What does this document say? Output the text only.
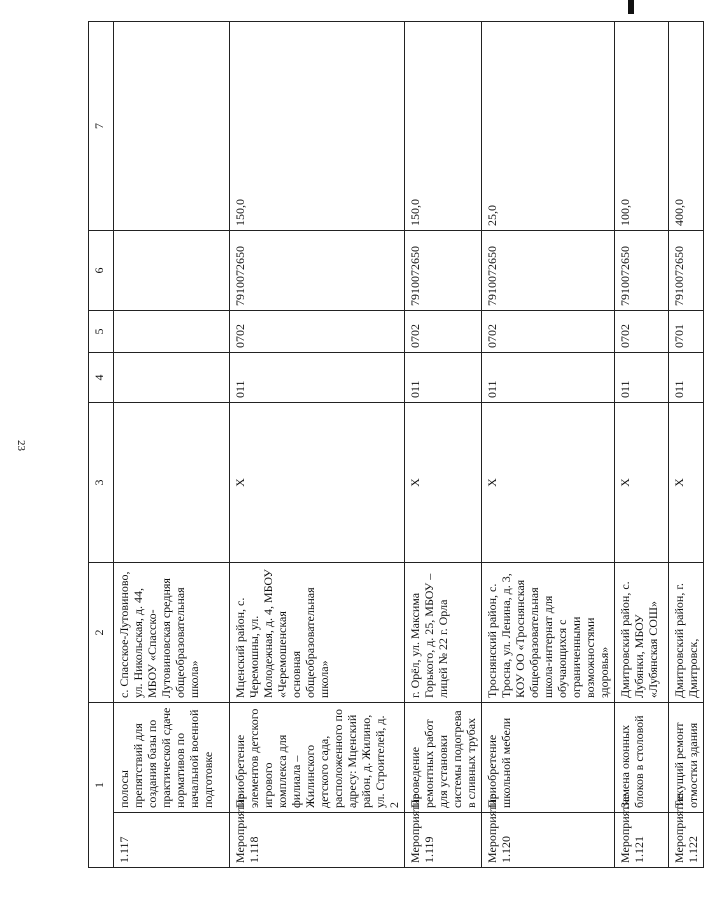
23
1		2	3	4	5	6	7
1.117	полосы препятствий для создания базы по практической сдаче нормативов по начальной военной подготовке	с. Спасское-Лутовиново, ул. Никольская, д. 44, МБОУ «Спасско-Лутовиновская средняя общеобразовательная школа»					
Мероприятие 1.118	Приобретение элементов детского игрового комплекса для филиала – Жилинского детского сада, расположенного по адресу: Мценский район, д. Жилино, ул. Строителей, д. 2	Мценский район, с. Черемошны, ул. Молодежная, д. 4, МБОУ «Черемошенская основная общеобразовательная школа»	Х	011	0702	7910072650	150,0
Мероприятие 1.119	Проведение ремонтных работ для установки системы подогрева в сливных трубах	г. Орёл, ул. Максима Горького, д. 25, МБОУ – лицей № 22 г. Орла	Х	011	0702	7910072650	150,0
Мероприятие 1.120	Приобретение школьной мебели	Троснянский район, с. Тросна, ул. Ленина, д. 3, КОУ ОО «Троснянская общеобразовательная школа-интернат для обучающихся с ограниченными возможностями здоровья»	Х	011	0702	7910072650	25,0
Мероприятие 1.121	Замена оконных блоков в столовой	Дмитровский район, с. Лубянки, МБОУ «Лубянская СОШ»	Х	011	0702	7910072650	100,0
Мероприятие 1.122	Текущий ремонт отмостки здания	Дмитровский район, г. Дмитровск,	Х	011	0701	7910072650	400,0
